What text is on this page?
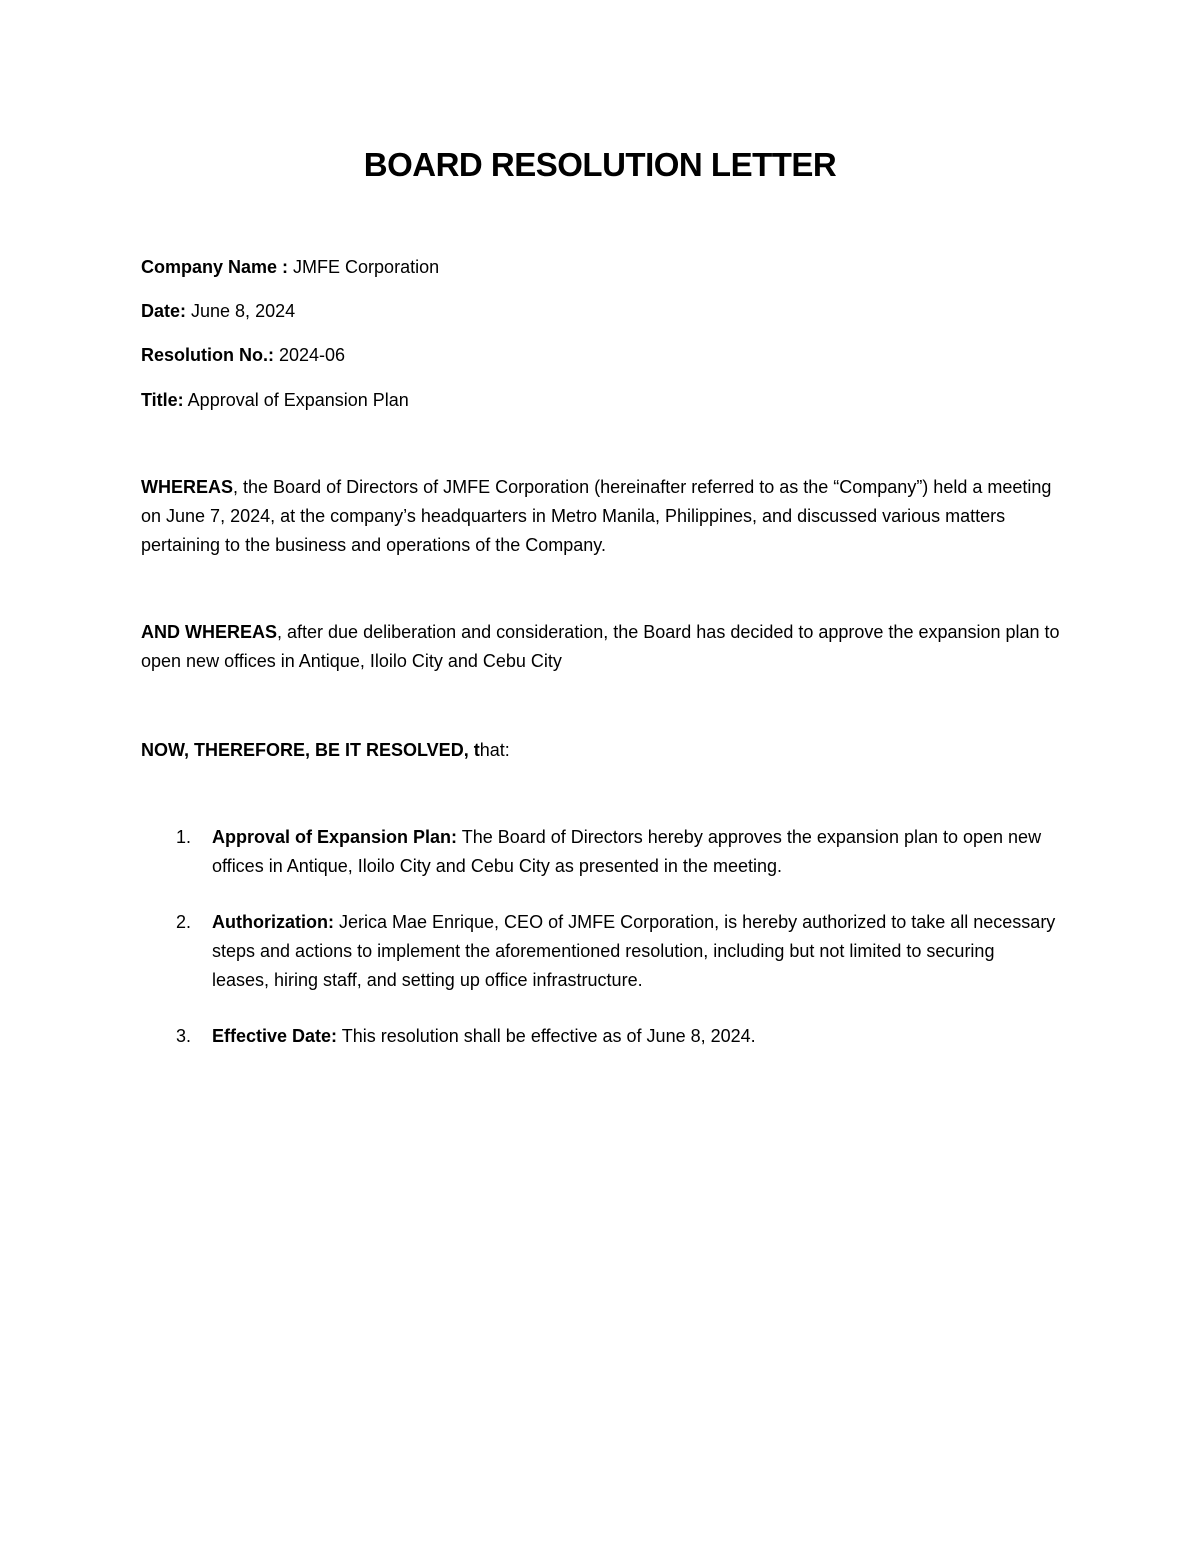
BOARD RESOLUTION LETTER
Company Name : JMFE Corporation
Date: June 8, 2024
Resolution No.: 2024-06
Title: Approval of Expansion Plan
WHEREAS, the Board of Directors of JMFE Corporation (hereinafter referred to as the “Company”) held a meeting on June 7, 2024, at the company’s headquarters in Metro Manila, Philippines, and discussed various matters pertaining to the business and operations of the Company.
AND WHEREAS, after due deliberation and consideration, the Board has decided to approve the expansion plan to open new offices in Antique, Iloilo City and Cebu City
NOW, THEREFORE, BE IT RESOLVED, that:
1.	Approval of Expansion Plan: The Board of Directors hereby approves the expansion plan to open new offices in Antique, Iloilo City and Cebu City as presented in the meeting.
2.	Authorization: Jerica Mae Enrique, CEO of JMFE Corporation, is hereby authorized to take all necessary steps and actions to implement the aforementioned resolution, including but not limited to securing leases, hiring staff, and setting up office infrastructure.
3.	Effective Date: This resolution shall be effective as of June 8, 2024.
